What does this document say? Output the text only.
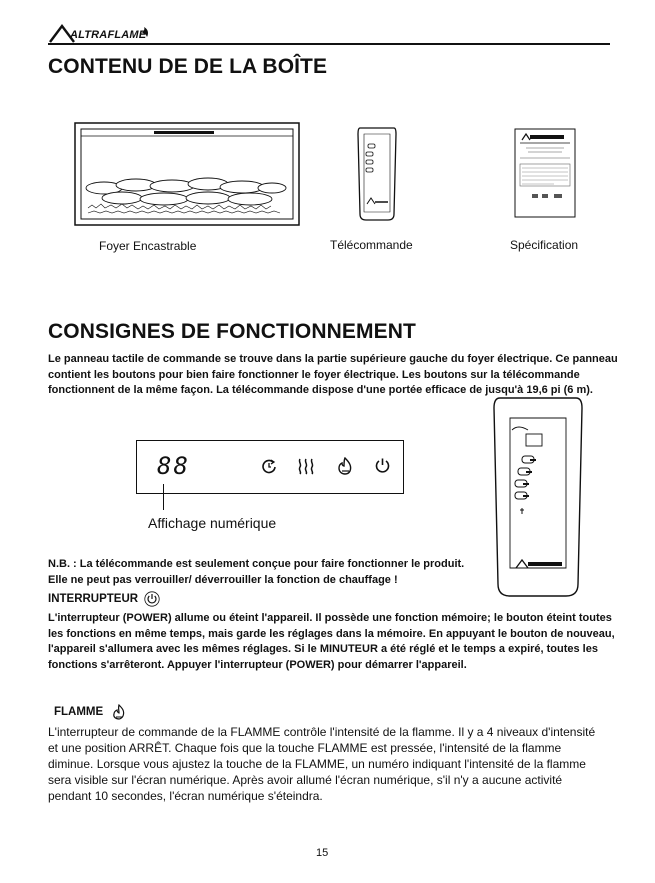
ALTRAFLAME
CONTENU DE DE LA BOÎTE
Foyer Encastrable	Télécommande	Spécification
CONSIGNES DE FONCTIONNEMENT
Le panneau tactile de commande se trouve dans la partie supérieure gauche du foyer électrique. Ce panneau contient les boutons pour bien faire fonctionner le foyer électrique. Les boutons sur la télécommande fonctionnent de la même façon. La télécommande dispose d'une portée efficace de jusqu'à 19,6 pi (6 m).
88
Affichage numérique
N.B. : La télécommande est seulement conçue pour faire fonctionner le produit. Elle ne peut pas verrouiller/ déverrouiller la fonction de chauffage !
INTERRUPTEUR
L'interrupteur (POWER) allume ou éteint l'appareil. Il possède une fonction mémoire; le bouton éteint toutes les fonctions en même temps, mais garde les réglages dans la mémoire. En appuyant le bouton de nouveau, l'appareil s'allumera avec les mêmes réglages. Si le MINUTEUR a été réglé et le temps a expiré, toutes les fonctions s'arrêteront. Appuyer l'interrupteur (POWER) pour démarrer l'appareil.
FLAMME
L'interrupteur de commande de la FLAMME contrôle l'intensité de la flamme. Il y a 4 niveaux d'intensité et une position ARRÊT. Chaque fois que la touche FLAMME est pressée, l'intensité de la flamme diminue. Lorsque vous ajustez la touche de la FLAMME, un numéro indiquant l'intensité de la flamme sera visible sur l'écran numérique. Après avoir allumé l'écran numérique, s'il n'y a aucune activité pendant 10 secondes, l'écran numérique s'éteindra.
15
